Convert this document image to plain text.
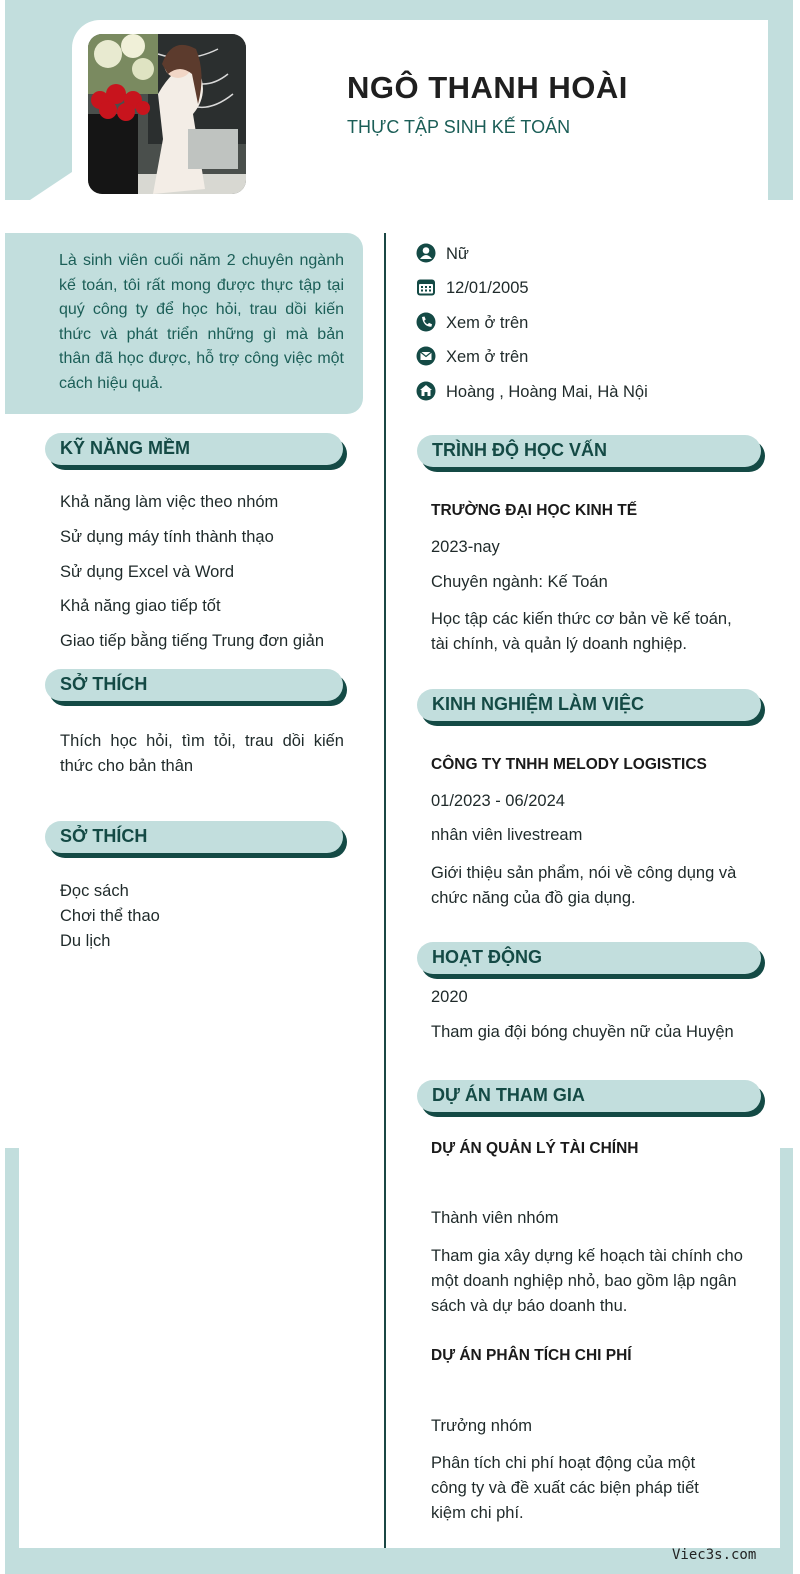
NGÔ THANH HOÀI
THỰC TẬP SINH KẾ TOÁN
Là sinh viên cuối năm 2 chuyên ngành kế toán, tôi rất mong được thực tập tại quý công ty để học hỏi, trau dồi kiến thức và phát triển những gì mà bản thân đã học được, hỗ trợ công việc một cách hiệu quả.
Nữ
12/01/2005
Xem ở trên
Xem ở trên
Hoàng , Hoàng Mai, Hà Nội
KỸ NĂNG MỀM
Khả năng làm việc theo nhóm
Sử dụng máy tính thành thạo
Sử dụng Excel và Word
Khả năng giao tiếp tốt
Giao tiếp bằng tiếng Trung đơn giản
SỞ THÍCH
Thích học hỏi, tìm tỏi, trau dồi kiến thức cho bản thân
SỞ THÍCH
Đọc sách
Chơi thể thao
Du lịch
TRÌNH ĐỘ HỌC VẤN
TRƯỜNG ĐẠI HỌC KINH TẾ
2023-nay
Chuyên ngành: Kế Toán
Học tập các kiến thức cơ bản về kế toán, tài chính, và quản lý doanh nghiệp.
KINH NGHIỆM LÀM VIỆC
CÔNG TY TNHH MELODY LOGISTICS
01/2023 - 06/2024
nhân viên livestream
Giới thiệu sản phẩm, nói về công dụng và chức năng của đồ gia dụng.
HOẠT ĐỘNG
2020
Tham gia đội bóng chuyền nữ của Huyện
DỰ ÁN THAM GIA
DỰ ÁN QUẢN LÝ TÀI CHÍNH
Thành viên nhóm
Tham gia xây dựng kế hoạch tài chính cho một doanh nghiệp nhỏ, bao gồm lập ngân sách và dự báo doanh thu.
DỰ ÁN PHÂN TÍCH CHI PHÍ
Trưởng nhóm
Phân tích chi phí hoạt động của một công ty và đề xuất các biện pháp tiết kiệm chi phí.
Viec3s.com
